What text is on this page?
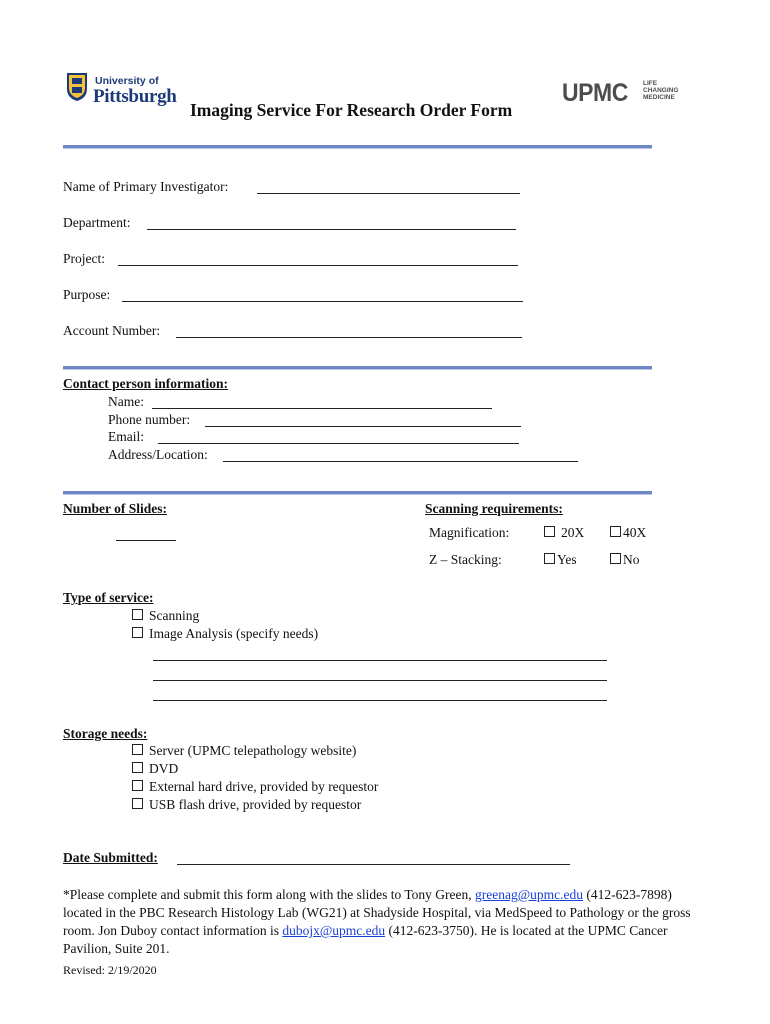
University of
Pittsburgh	UPMC LIFE
CHANGING
MEDICINE
Imaging Service For Research Order Form
Name of Primary Investigator:
Department:
Project:
Purpose:
Account Number:
Contact person information:
Name:
Phone number:
Email:
Address/Location:
Number of Slides:	Scanning requirements:
Magnification:	20X	40X
Z – Stacking:	Yes	No
Type of service:
Scanning
Image Analysis (specify needs)
Storage needs:
Server (UPMC telepathology website)
DVD
External hard drive, provided by requestor
USB flash drive, provided by requestor
Date Submitted:
*Please complete and submit this form along with the slides to Tony Green, greenag@upmc.edu (412-623-7898) located in the PBC Research Histology Lab (WG21) at Shadyside Hospital, via MedSpeed to Pathology or the gross room. Jon Duboy contact information is dubojx@upmc.edu (412-623-3750). He is located at the UPMC Cancer Pavilion, Suite 201.
Revised: 2/19/2020
